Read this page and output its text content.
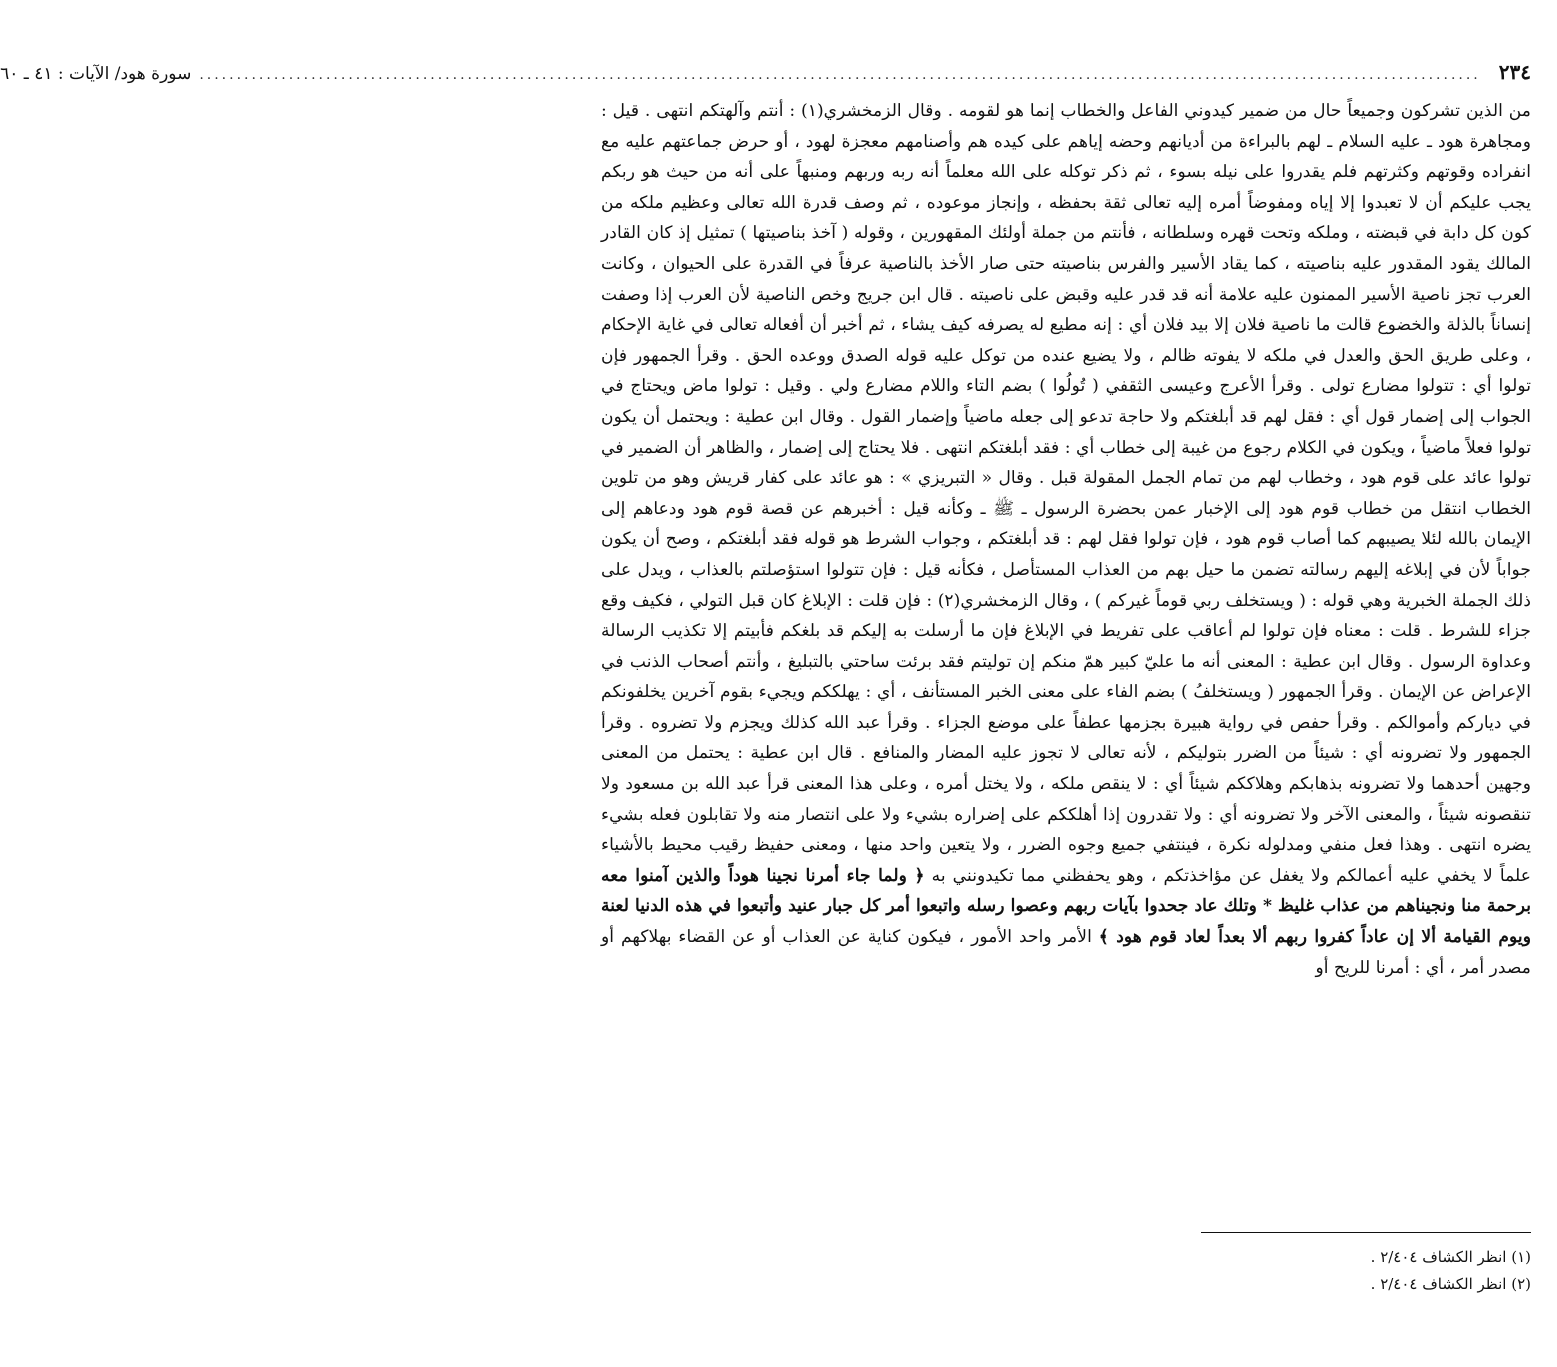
٢٣٤
............................................................................................................................................................................
سورة هود/ الآيات : ٤١ ـ ٦٠

من الذين تشركون وجميعاً حال من ضمير كيدوني الفاعل والخطاب إنما هو لقومه . وقال الزمخشري(١) : أنتم وآلهتكم انتهى . قيل : ومجاهرة هود ـ عليه السلام ـ لهم بالبراءة من أديانهم وحضه إياهم على كيده هم وأصنامهم معجزة لهود ، أو حرض جماعتهم عليه مع انفراده وقوتهم وكثرتهم فلم يقدروا على نيله بسوء ، ثم ذكر توكله على الله معلماً أنه ربه وربهم ومنبهاً على أنه من حيث هو ربكم يجب عليكم أن لا تعبدوا إلا إياه ومفوضاً أمره إليه تعالى ثقة بحفظه ، وإنجاز موعوده ، ثم وصف قدرة الله تعالى وعظيم ملكه من كون كل دابة في قبضته ، وملكه وتحت قهره وسلطانه ، فأنتم من جملة أولئك المقهورين ، وقوله ( آخذ بناصيتها ) تمثيل إذ كان القادر المالك يقود المقدور عليه بناصيته ، كما يقاد الأسير والفرس بناصيته حتى صار الأخذ بالناصية عرفاً في القدرة على الحيوان ، وكانت العرب تجز ناصية الأسير الممنون عليه علامة أنه قد قدر عليه وقبض على ناصيته . قال ابن جريج وخص الناصية لأن العرب إذا وصفت إنساناً بالذلة والخضوع قالت ما ناصية فلان إلا بيد فلان أي : إنه مطيع له يصرفه كيف يشاء ، ثم أخبر أن أفعاله تعالى في غاية الإحكام ، وعلى طريق الحق والعدل في ملكه لا يفوته ظالم ، ولا يضيع عنده من توكل عليه قوله الصدق ووعده الحق . وقرأ الجمهور فإن تولوا أي : تتولوا مضارع تولى . وقرأ الأعرج وعيسى الثقفي ( تُولُوا ) بضم التاء واللام مضارع ولي . وقيل : تولوا ماض ويحتاج في الجواب إلى إضمار قول أي : فقل لهم قد أبلغتكم ولا حاجة تدعو إلى جعله ماضياً وإضمار القول . وقال ابن عطية : ويحتمل أن يكون تولوا فعلاً ماضياً ، ويكون في الكلام رجوع من غيبة إلى خطاب أي : فقد أبلغتكم انتهى . فلا يحتاج إلى إضمار ، والظاهر أن الضمير في تولوا عائد على قوم هود ، وخطاب لهم من تمام الجمل المقولة قبل . وقال « التبريزي » : هو عائد على كفار قريش وهو من تلوين الخطاب انتقل من خطاب قوم هود إلى الإخبار عمن بحضرة الرسول ـ ﷺ ـ وكأنه قيل : أخبرهم عن قصة قوم هود ودعاهم إلى الإيمان بالله لئلا يصيبهم كما أصاب قوم هود ، فإن تولوا فقل لهم : قد أبلغتكم ، وجواب الشرط هو قوله فقد أبلغتكم ، وصح أن يكون جواباً لأن في إبلاغه إليهم رسالته تضمن ما حيل بهم من العذاب المستأصل ، فكأنه قيل : فإن تتولوا استؤصلتم بالعذاب ، ويدل على ذلك الجملة الخبرية وهي قوله : ( ويستخلف ربي قوماً غيركم ) ، وقال الزمخشري(٢) : فإن قلت : الإبلاغ كان قبل التولي ، فكيف وقع جزاء للشرط . قلت : معناه فإن تولوا لم أعاقب على تفريط في الإبلاغ فإن ما أرسلت به إليكم قد بلغكم فأبيتم إلا تكذيب الرسالة وعداوة الرسول . وقال ابن عطية : المعنى أنه ما عليّ كبير همّ منكم إن توليتم فقد برئت ساحتي بالتبليغ ، وأنتم أصحاب الذنب في الإعراض عن الإيمان . وقرأ الجمهور ( ويستخلفُ ) بضم الفاء على معنى الخبر المستأنف ، أي : يهلككم ويجيء بقوم آخرين يخلفونكم في دياركم وأموالكم . وقرأ حفص في رواية هبيرة بجزمها عطفاً على موضع الجزاء . وقرأ عبد الله كذلك ويجزم ولا تضروه . وقرأ الجمهور ولا تضرونه أي : شيئاً من الضرر بتوليكم ، لأنه تعالى لا تجوز عليه المضار والمنافع . قال ابن عطية : يحتمل من المعنى وجهين أحدهما ولا تضرونه بذهابكم وهلاككم شيئاً أي : لا ينقص ملكه ، ولا يختل أمره ، وعلى هذا المعنى قرأ عبد الله بن مسعود ولا تنقصونه شيئاً ، والمعنى الآخر ولا تضرونه أي : ولا تقدرون إذا أهلككم على إضراره بشيء ولا على انتصار منه ولا تقابلون فعله بشيء يضره انتهى . وهذا فعل منفي ومدلوله نكرة ، فينتفي جميع وجوه الضرر ، ولا يتعين واحد منها ، ومعنى حفيظ رقيب محيط بالأشياء علماً لا يخفي عليه أعمالكم ولا يغفل عن مؤاخذتكم ، وهو يحفظني مما تكيدونني به ﴿ ولما جاء أمرنا نجينا هوداً والذين آمنوا معه برحمة منا ونجيناهم من عذاب غليظ * وتلك عاد جحدوا بآيات ربهم وعصوا رسله واتبعوا أمر كل جبار عنيد وأتبعوا في هذه الدنيا لعنة ويوم القيامة ألا إن عاداً كفروا ربهم ألا بعداً لعاد قوم هود ﴾ الأمر واحد الأمور ، فيكون كناية عن العذاب أو عن القضاء بهلاكهم أو مصدر أمر ، أي : أمرنا للريح أو

(١) انظر الكشاف ٢/٤٠٤ .

(٢) انظر الكشاف ٢/٤٠٤ .
